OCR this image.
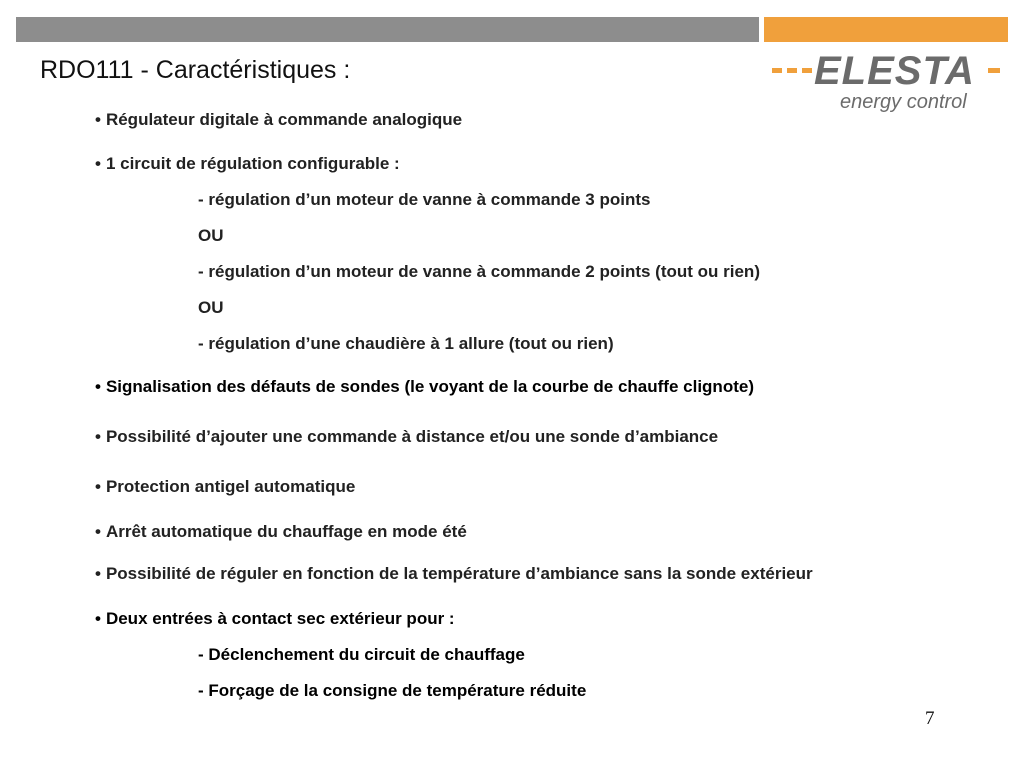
RDO111 - Caractéristiques :	ELESTA
energy control
• Régulateur digitale à commande analogique
• 1 circuit de régulation configurable :
- régulation d’un moteur de vanne à commande 3 points
OU
- régulation d’un moteur de vanne à commande 2 points (tout ou rien)
OU
- régulation d’une chaudière à 1 allure (tout ou rien)
• Signalisation des défauts de sondes (le voyant de la courbe de chauffe clignote)
• Possibilité d’ajouter une commande à distance et/ou une sonde d’ambiance
• Protection antigel automatique
• Arrêt automatique du chauffage en mode été
• Possibilité de réguler en fonction de la température d’ambiance sans la sonde extérieur
• Deux entrées à contact sec extérieur pour :
- Déclenchement du circuit de chauffage
- Forçage de la consigne de température réduite
7
